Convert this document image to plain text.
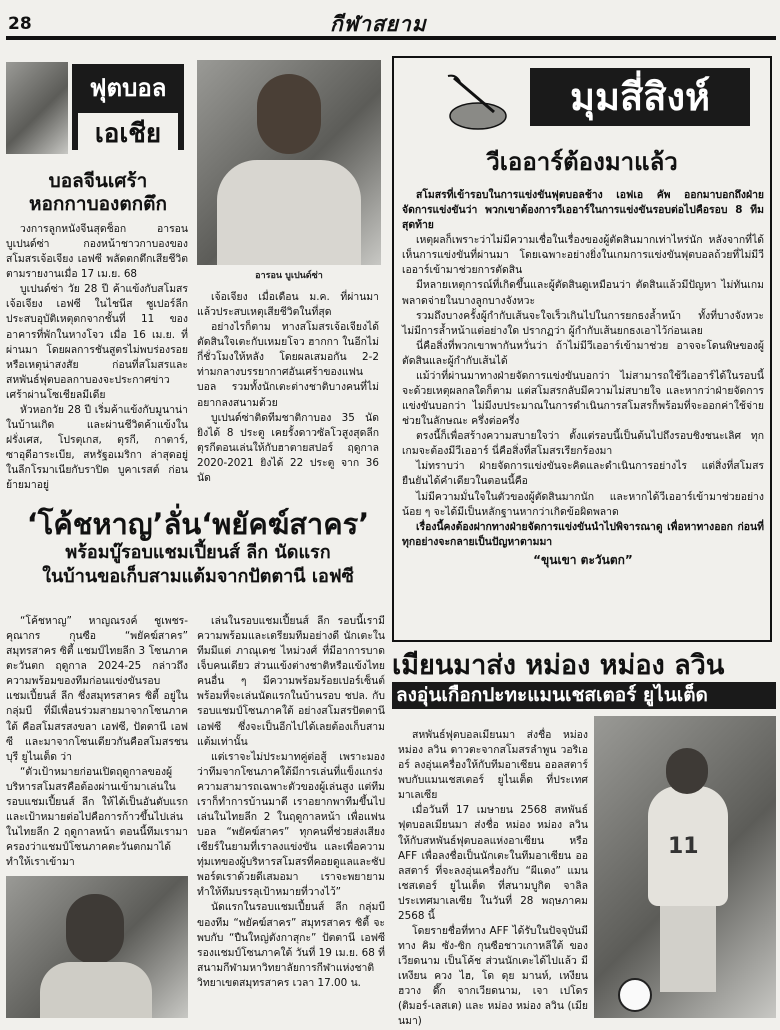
28	กีฬาสยาม
ฟุตบอล
เอเชีย
บอลจีนเศร้า
หอกกาบองตกตึก

วงการลูกหนังจีนสุดช็อก อารอน บูเปนด์ซ่า กองหน้าชาวกาบองของสโมสรเจ้อเจียง เอฟซี พลัดตกตึกเสียชีวิต ตามรายงานเมื่อ 17 เม.ย. 68

บูเปนด์ซ่า วัย 28 ปี ค้าแข้งกับสโมสรเจ้อเจียง เอฟซี ในไชนีส ซูเปอร์ลีก ประสบอุบัติเหตุตกจากชั้นที่ 11 ของอาคารที่พักในหางโจว เมื่อ 16 เม.ย. ที่ผ่านมา โดยผลการชันสูตรไม่พบร่องรอยหรือเหตุน่าสงสัย ก่อนที่สโมสรและสหพันธ์ฟุตบอลกาบองจะประกาศข่าวเศร้าผ่านโซเชียลมีเดีย

หัวหอกวัย 28 ปี เริ่มค้าแข้งกับมูนาน่าในบ้านเกิด และผ่านชีวิตค้าแข้งในฝรั่งเศส, โปรตุเกส, ตุรกี, กาตาร์, ซาอุดีอาระเบีย, สหรัฐอเมริกา ล่าสุดอยู่ในลีกโรมาเนียกับราปิด บูคาเรสต์ ก่อนย้ายมาอยู่

อารอน บูเปนด์ซ่า

เจ้อเจียง เมื่อเดือน ม.ค. ที่ผ่านมา แล้วประสบเหตุเสียชีวิตในที่สุด

อย่างไรก็ตาม ทางสโมสรเจ้อเจียงได้ตัดสินใจเตะกับเหมยโจว ฮากกา ในอีกไม่กี่ชั่วโมงให้หลัง โดยผลเสมอกัน 2-2 ท่ามกลางบรรยากาศอันเศร้าของแฟนบอล รวมทั้งนักเตะต่างชาติบางคนที่ไม่อยากลงสนามด้วย

บูเปนด์ซ่าติดทีมชาติกาบอง 35 นัด ยิงได้ 8 ประตู เคยรั้งดาวซัลโวสูงสุดลีกตุรกีตอนเล่นให้กับฮาตายสปอร์ ฤดูกาล 2020-2021 ยิงได้ 22 ประตู จาก 36 นัด

มุมสี่สิงห์
วีเออาร์ต้องมาแล้ว

สโมสรที่เข้ารอบในการแข่งขันฟุตบอลช้าง เอฟเอ คัพ ออกมาบอกถึงฝ่ายจัดการแข่งขันว่า พวกเขาต้องการวีเออาร์ในการแข่งขันรอบต่อไปคือรอบ 8 ทีมสุดท้าย

เหตุผลก็เพราะว่าไม่มีความเชื่อในเรื่องของผู้ตัดสินมากเท่าไหร่นัก หลังจากที่ได้เห็นการแข่งขันที่ผ่านมา โดยเฉพาะอย่างยิ่งในเกมการแข่งขันฟุตบอลถ้วยที่ไม่มีวีเออาร์เข้ามาช่วยการตัดสิน

มีหลายเหตุการณ์ที่เกิดขึ้นและผู้ตัดสินดูเหมือนว่า ตัดสินแล้วมีปัญหา ไม่ทันเกม พลาดจ่ายในบางลูกบางจังหวะ

รวมถึงบางครั้งผู้กำกับเส้นจะใจเร็วเกินไปในการยกธงล้ำหน้า ทั้งที่บางจังหวะไม่มีการล้ำหน้าแต่อย่างใด ปรากฏว่า ผู้กำกับเส้นยกธงเอาไว้ก่อนเลย

นี่คือสิ่งที่พวกเขาพากันหวั่นว่า ถ้าไม่มีวีเออาร์เข้ามาช่วย อาจจะโดนพิษของผู้ตัดสินและผู้กำกับเส้นได้

แม้ว่าที่ผ่านมาทางฝ่ายจัดการแข่งขันบอกว่า ไม่สามารถใช้วีเออาร์ได้ในรอบนี้ จะด้วยเหตุผลกลใดก็ตาม แต่สโมสรกลับมีความไม่สบายใจ และหากว่าฝ่ายจัดการแข่งขันบอกว่า ไม่มีงบประมาณในการดำเนินการสโมสรก็พร้อมที่จะออกค่าใช้จ่ายช่วยในลักษณะ ครึ่งต่อครึ่ง

ตรงนี้ก็เพื่อสร้างความสบายใจว่า ตั้งแต่รอบนี้เป็นต้นไปถึงรอบชิงชนะเลิศ ทุกเกมจะต้องมีวีเออาร์ นี่คือสิ่งที่สโมสรเรียกร้องมา

ไม่ทราบว่า ฝ่ายจัดการแข่งขันจะคิดและดำเนินการอย่างไร แต่สิ่งที่สโมสรยืนยันได้คำเดียวในตอนนี้คือ

ไม่มีความมั่นใจในตัวของผู้ตัดสินมากนัก และหากได้วีเออาร์เข้ามาช่วยอย่างน้อย ๆ จะได้มีเป็นหลักฐานหากว่าเกิดข้อผิดพลาด

เรื่องนี้คงต้องฝากทางฝ่ายจัดการแข่งขันนำไปพิจารณาดู เพื่อหาทางออก ก่อนที่ทุกอย่างจะกลายเป็นปัญหาตามมา

“ขุนเขา ตะวันตก”
‘โค้ชหาญ’ลั่น‘พยัคฆ์สาคร’
พร้อมบู๊รอบแชมเปี้ยนส์ ลีก นัดแรก
ในบ้านขอเก็บสามแต้มจากปัตตานี เอฟซี

“โค้ชหาญ” หาญณรงค์ ชูเพชร-คุณากร กุนซือ “พยัคฆ์สาคร” สมุทรสาคร ซิตี้ แชมป์ไทยลีก 3 โซนภาคตะวันตก ฤดูกาล 2024-25 กล่าวถึงความพร้อมของทีมก่อนแข่งขันรอบแชมเปี้ยนส์ ลีก ซึ่งสมุทรสาคร ซิตี้ อยู่ในกลุ่มบี ที่มีเพื่อนร่วมสายมาจากโซนภาคใต้ คือสโมสรสงขลา เอฟซี, ปัตตานี เอฟซี และมาจากโซนเดียวกันคือสโมสรชนบุรี ยูไนเต็ด ว่า

“ตัวเป้าหมายก่อนเปิดฤดูกาลของผู้บริหารสโมสรคือต้องผ่านเข้ามาเล่นในรอบแชมเปี้ยนส์ ลีก ให้ได้เป็นอันดับแรก และเป้าหมายต่อไปคือการก้าวขึ้นไปเล่นในไทยลีก 2 ฤดูกาลหน้า ตอนนี้ทีมเรามาครองว่าแชมป์โซนภาคตะวันตกมาได้ ทำให้เราเข้ามา

เล่นในรอบแชมเปี้ยนส์ ลีก รอบนี้เรามีความพร้อมและเตรียมทีมอย่างดี นักเตะในทีมมีแต่ ภาณุเดช ไหม่วงศ์ ที่มีอาการบาดเจ็บคนเดียว ส่วนแข้งต่างชาติหรือแข้งไทยคนอื่น ๆ มีความพร้อมร้อยเปอร์เซ็นต์ พร้อมที่จะเล่นนัดแรกในบ้านรอบ ชปล. กับรอบแชมป์โซนภาคใต้ อย่างสโมสรปัตตานี เอฟซี ซึ่งจะเป็นอีกไปได้เลยต้องเก็บสามแต้มเท่านั้น

แต่เราจะไม่ประมาทคู่ต่อสู้ เพราะมองว่าทีมจากโซนภาคใต้มีการเล่นที่แข็งแกร่ง ความสามารถเฉพาะตัวของผู้เล่นสูง แต่ทีมเราก็ทำการบ้านมาดี เราอยากพาทีมขึ้นไปเล่นในไทยลีก 2 ในฤดูกาลหน้า เพื่อแฟนบอล “พยัคฆ์สาคร” ทุกคนที่ช่วยส่งเสียงเชียร์ในยามที่เราลงแข่งขัน และเพื่อความทุ่มเทของผู้บริหารสโมสรที่คอยดูแลและซัปพอร์ตเราด้วยดีเสมอมา เราจะพยายามทำให้ทีมบรรลุเป้าหมายที่วางไว้”

นัดแรกในรอบแชมเปี้ยนส์ ลีก กลุ่มบี ของทีม “พยัคฆ์สาคร” สมุทรสาคร ซิตี้ จะพบกับ “ปืนใหญ่ตังกาสุกะ” ปัตตานี เอฟซี รองแชมป์โซนภาคใต้ วันที่ 19 เม.ย. 68 ที่สนามกีฬามหาวิทยาลัยการกีฬาแห่งชาติ วิทยาเขตสมุทรสาคร เวลา 17.00 น.

เมียนมาส่ง หม่อง หม่อง ลวิน
ลงอุ่นเกือกปะทะแมนเชสเตอร์ ยูไนเต็ด

สหพันธ์ฟุตบอลเมียนมา ส่งชื่อ หม่อง หม่อง ลวิน ดาวตะจากสโมสรลำพูน วอริเออร์ ลงอุ่นเครื่องให้กับทีมอาเซียน ออลสตาร์ พบกับแมนเชสเตอร์ ยูไนเต็ด ที่ประเทศมาเลเซีย

เมื่อวันที่ 17 เมษายน 2568 สหพันธ์ฟุตบอลเมียนมา ส่งชื่อ หม่อง หม่อง ลวิน ให้กับสหพันธ์ฟุตบอลแห่งอาเซียน หรือ AFF เพื่อลงชื่อเป็นนักเตะในทีมอาเซียน ออลสตาร์ ที่จะลงอุ่นเครื่องกับ “ผีแดง” แมนเชสเตอร์ ยูไนเต็ด ที่สนามบูกิต จาลิล ประเทศมาเลเซีย ในวันที่ 28 พฤษภาคม 2568 นี้

โดยรายชื่อที่ทาง AFF ได้รับในปัจจุบันมีทาง คิม ซัง-ซิก กุนซือชาวเกาหลีใต้ ของเวียดนาม เป็นโค้ช ส่วนนักเตะได้ไปแล้ว มี เหงียน ควง ไฮ, โด ดุย มานห์, เหงียน ฮวาง ดึ๊ก จากเวียดนาม, เจา เปโดร (ติมอร์-เลสเต) และ หม่อง หม่อง ลวิน (เมียนมา)

11
